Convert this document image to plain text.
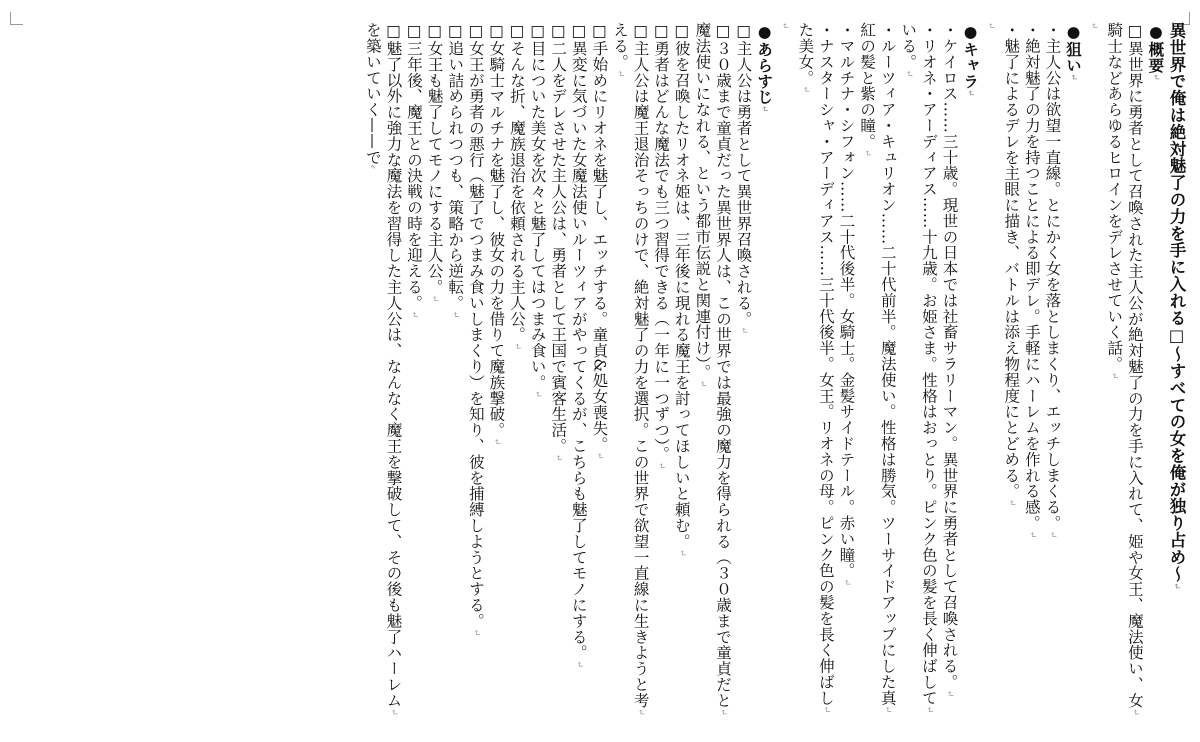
異世界で俺は絶対魅了の力を手に入れる□〜すべての女を俺が独り占め〜↵
●概要↵
□異世界に勇者として召喚された主人公が絶対魅了の力を手に入れて、姫や女王、魔法使い、女↵
騎士などあらゆるヒロインをデレさせていく話。↵
↵
●狙い↵
・主人公は欲望一直線。とにかく女を落としまくり、エッチしまくる。↵
・絶対魅了の力を持つことによる即デレ。手軽にハーレムを作れる感。↵
・魅了によるデレを主眼に描き、バトルは添え物程度にとどめる。↵
↵
●キャラ↵
・ケイロス……三十歳。現世の日本では社畜サラリーマン。異世界に勇者として召喚される。↵
・リオネ・アーディアス……十九歳。お姫さま。性格はおっとり。ピンク色の髪を長く伸ばして↵
いる。↵
・ルーツィア・キュリオン……二十代前半。魔法使い。性格は勝気。ツーサイドアップにした真↵
紅の髪と紫の瞳。↵
・マルチナ・シフォン……二十代後半。女騎士。金髪サイドテール。赤い瞳。↵
・ナスターシャ・アーディアス……三十代後半。女王。リオネの母。ピンク色の髪を長く伸ばし↵
た美女。↵
↵
●あらすじ↵
□主人公は勇者として異世界召喚される。↵
□３０歳まで童貞だった異世界人は、この世界では最強の魔力を得られる（３０歳まで童貞だと↵
魔法使いになれる、という都市伝説と関連付け）。↵
□彼を召喚したリオネ姫は、三年後に現れる魔王を討ってほしいと頼む。↵
□勇者はどんな魔法でも三つ習得できる（一年に一つずつ）。↵
□主人公は魔王退治そっちのけで、絶対魅了の力を選択。この世界で欲望一直線に生きようと考↵
える。↵
□手始めにリオネを魅了し、エッチする。童貞&処女喪失。↵
□異変に気づいた女魔法使いルーツィアがやってくるが、こちらも魅了してモノにする。↵
□二人をデレさせた主人公は、勇者として王国で賓客生活。↵
□目についた美女を次々と魅了してはつまみ食い。↵
□そんな折、魔族退治を依頼される主人公。↵
□女騎士マルチナを魅了し、彼女の力を借りて魔族撃破。↵
□女王が勇者の悪行（魅了でつまみ食いしまくり）を知り、彼を捕縛しようとする。↵
□追い詰められつつも、策略から逆転。↵
□女王も魅了してモノにする主人公。↵
□三年後、魔王との決戦の時を迎える。↵
□魅了以外に強力な魔法を習得した主人公は、なんなく魔王を撃破して、その後も魅了ハーレム↵
を築いていく——で𝒸
